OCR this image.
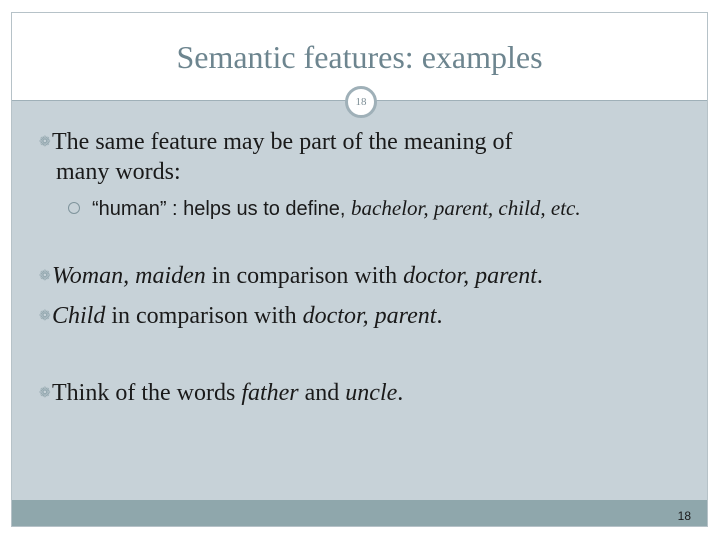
Semantic features: examples
18
❁The same feature may be part of the meaning of
many words:
“human” : helps us to define, bachelor, parent, child, etc.
❁Woman, maiden in comparison with doctor, parent.
❁Child in comparison with doctor, parent.
❁Think of the words father and uncle.
18
